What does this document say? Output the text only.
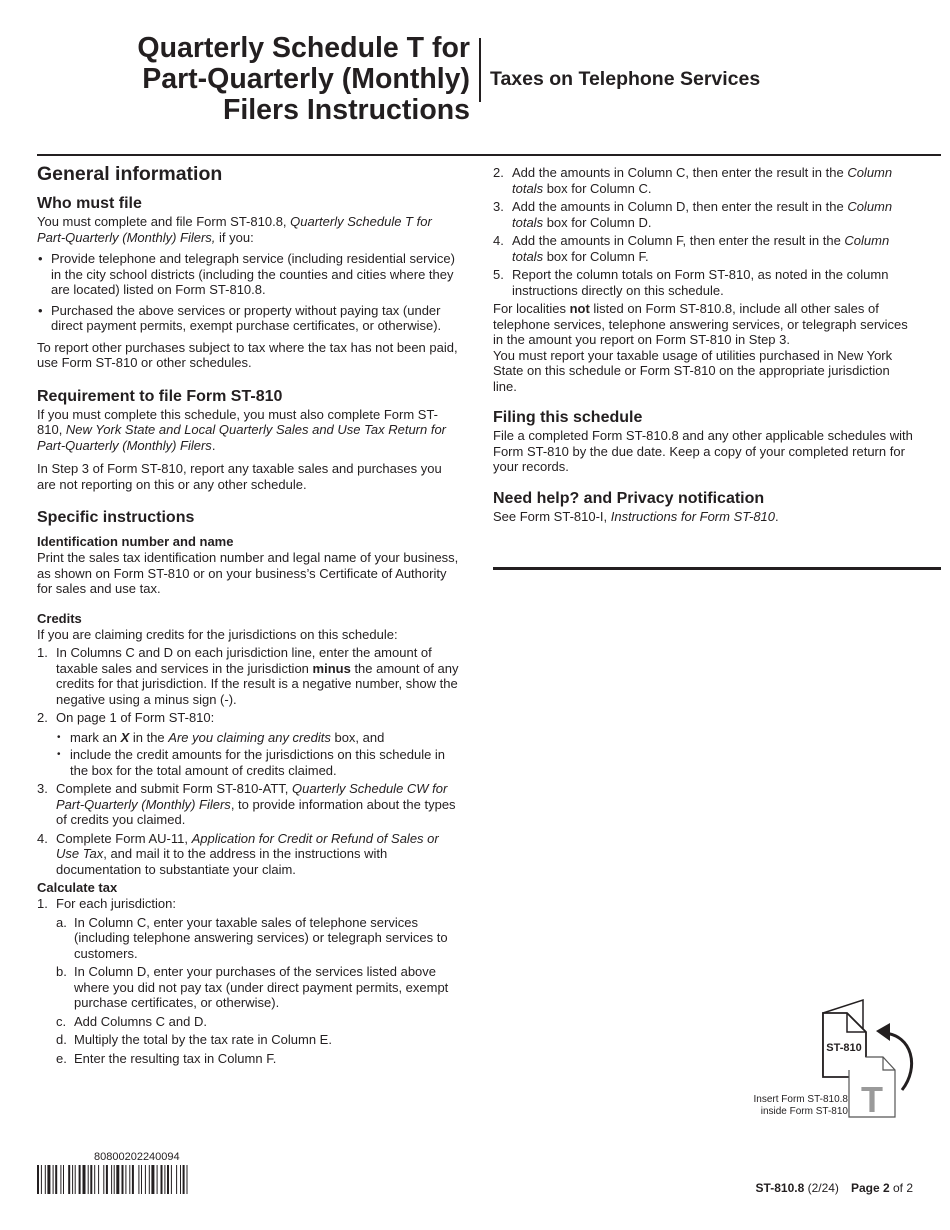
Quarterly Schedule T for
Part-Quarterly (Monthly)
Filers Instructions
Taxes on Telephone Services
General information
Who must file

You must complete and file Form ST-810.8, Quarterly Schedule T for Part-Quarterly (Monthly) Filers, if you:

• Provide telephone and telegraph service (including residential service) in the city school districts (including the counties and cities where they are located) listed on Form ST-810.8.
• Purchased the above services or property without paying tax (under direct payment permits, exempt purchase certificates, or otherwise).

To report other purchases subject to tax where the tax has not been paid, use Form ST-810 or other schedules.

Requirement to file Form ST-810

If you must complete this schedule, you must also complete Form ST-810, New York State and Local Quarterly Sales and Use Tax Return for Part-Quarterly (Monthly) Filers.

In Step 3 of Form ST-810, report any taxable sales and purchases you are not reporting on this or any other schedule.

Specific instructions
Identification number and name

Print the sales tax identification number and legal name of your business, as shown on Form ST-810 or on your business’s Certificate of Authority for sales and use tax.

Credits

If you are claiming credits for the jurisdictions on this schedule:

1. In Columns C and D on each jurisdiction line, enter the amount of taxable sales and services in the jurisdiction minus the amount of any credits for that jurisdiction. If the result is a negative number, show the negative using a minus sign (-).
2. On page 1 of Form ST-810:
• mark an X in the Are you claiming any credits box, and
• include the credit amounts for the jurisdictions on this schedule in the box for the total amount of credits claimed.
3. Complete and submit Form ST-810-ATT, Quarterly Schedule CW for Part-Quarterly (Monthly) Filers, to provide information about the types of credits you claimed.
4. Complete Form AU-11, Application for Credit or Refund of Sales or Use Tax, and mail it to the address in the instructions with documentation to substantiate your claim.
Calculate tax
1. For each jurisdiction:
a. In Column C, enter your taxable sales of telephone services (including telephone answering services) or telegraph services to customers.
b. In Column D, enter your purchases of the services listed above where you did not pay tax (under direct payment permits, exempt purchase certificates, or otherwise).
c. Add Columns C and D.
d. Multiply the total by the tax rate in Column E.
e. Enter the resulting tax in Column F.
2. Add the amounts in Column C, then enter the result in the Column totals box for Column C.
3. Add the amounts in Column D, then enter the result in the Column totals box for Column D.
4. Add the amounts in Column F, then enter the result in the Column totals box for Column F.
5. Report the column totals on Form ST-810, as noted in the column instructions directly on this schedule.

For localities not listed on Form ST-810.8, include all other sales of telephone services, telephone answering services, or telegraph services in the amount you report on Form ST-810 in Step 3.

You must report your taxable usage of utilities purchased in New York State on this schedule or Form ST-810 on the appropriate jurisdiction line.

Filing this schedule

File a completed Form ST-810.8 and any other applicable schedules with Form ST-810 by the due date. Keep a copy of your completed return for your records.

Need help? and Privacy notification

See Form ST-810-I, Instructions for Form ST-810.

ST-810
T
Insert Form ST-810.8
inside Form ST-810
80800202240094
ST-810.8 (2/24) Page 2 of 2
